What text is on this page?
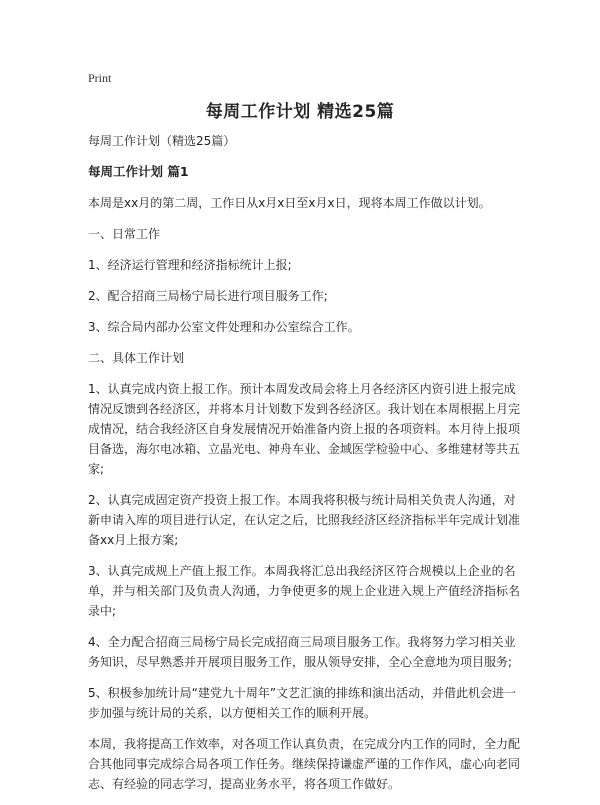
Print
每周工作计划 精选25篇

每周工作计划（精选25篇）

每周工作计划 篇1

本周是xx月的第二周，工作日从x月x日至x月x日，现将本周工作做以计划。

一、日常工作

1、经济运行管理和经济指标统计上报;

2、配合招商三局杨宁局长进行项目服务工作;

3、综合局内部办公室文件处理和办公室综合工作。

二、具体工作计划

1、认真完成内资上报工作。预计本周发改局会将上月各经济区内资引进上报完成情况反馈到各经济区，并将本月计划数下发到各经济区。我计划在本周根据上月完成情况，结合我经济区自身发展情况开始准备内资上报的各项资料。本月待上报项目备选，海尔电冰箱、立晶光电、神舟车业、金域医学检验中心、多维建材等共五家;

2、认真完成固定资产投资上报工作。本周我将积极与统计局相关负责人沟通，对新申请入库的项目进行认定，在认定之后，比照我经济区经济指标半年完成计划准备xx月上报方案;

3、认真完成规上产值上报工作。本周我将汇总出我经济区符合规模以上企业的名单，并与相关部门及负责人沟通，力争使更多的规上企业进入规上产值经济指标名录中;

4、全力配合招商三局杨宁局长完成招商三局项目服务工作。我将努力学习相关业务知识，尽早熟悉并开展项目服务工作，服从领导安排，全心全意地为项目服务;

5、积极参加统计局“建党九十周年”文艺汇演的排练和演出活动，并借此机会进一步加强与统计局的关系，以方便相关工作的顺利开展。

本周，我将提高工作效率，对各项工作认真负责，在完成分内工作的同时，全力配合其他同事完成综合局各项工作任务。继续保持谦虚严谨的工作作风，虚心向老同志、有经验的同志学习，提高业务水平，将各项工作做好。
